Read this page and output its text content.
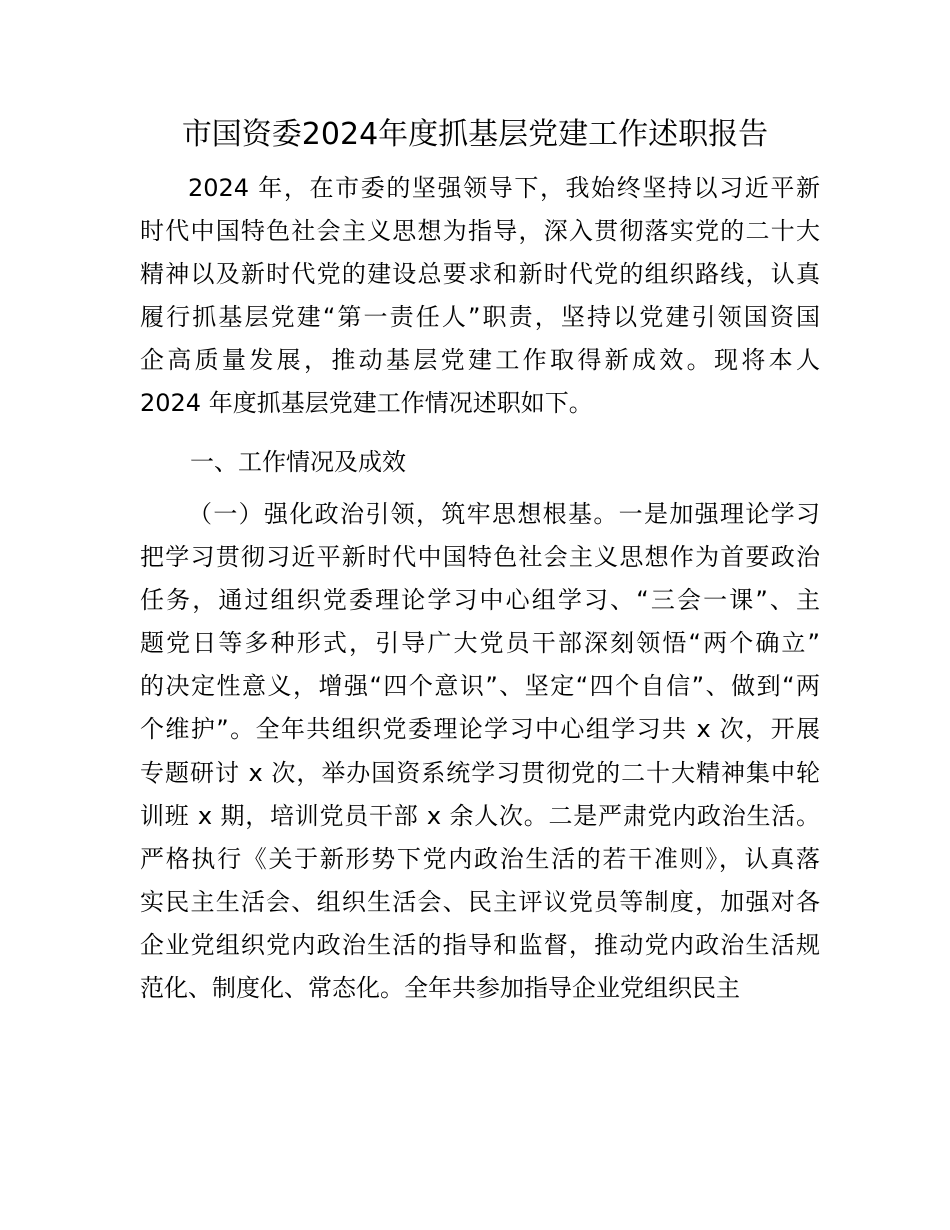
市国资委2024年度抓基层党建工作述职报告
2024 年，在市委的坚强领导下，我始终坚持以习近平新
时代中国特色社会主义思想为指导，深入贯彻落实党的二十大
精神以及新时代党的建设总要求和新时代党的组织路线，认真
履行抓基层党建“第一责任人”职责，坚持以党建引领国资国
企高质量发展，推动基层党建工作取得新成效。现将本人
2024 年度抓基层党建工作情况述职如下。
一、工作情况及成效
（一）强化政治引领，筑牢思想根基。一是加强理论学习
把学习贯彻习近平新时代中国特色社会主义思想作为首要政治
任务，通过组织党委理论学习中心组学习、“三会一课”、主
题党日等多种形式，引导广大党员干部深刻领悟“两个确立”
的决定性意义，增强“四个意识”、坚定“四个自信”、做到“两
个维护”。全年共组织党委理论学习中心组学习共 x 次，开展
专题研讨 x 次，举办国资系统学习贯彻党的二十大精神集中轮
训班 x 期，培训党员干部 x 余人次。二是严肃党内政治生活。
严格执行《关于新形势下党内政治生活的若干准则》，认真落
实民主生活会、组织生活会、民主评议党员等制度，加强对各
企业党组织党内政治生活的指导和监督，推动党内政治生活规
范化、制度化、常态化。全年共参加指导企业党组织民主
